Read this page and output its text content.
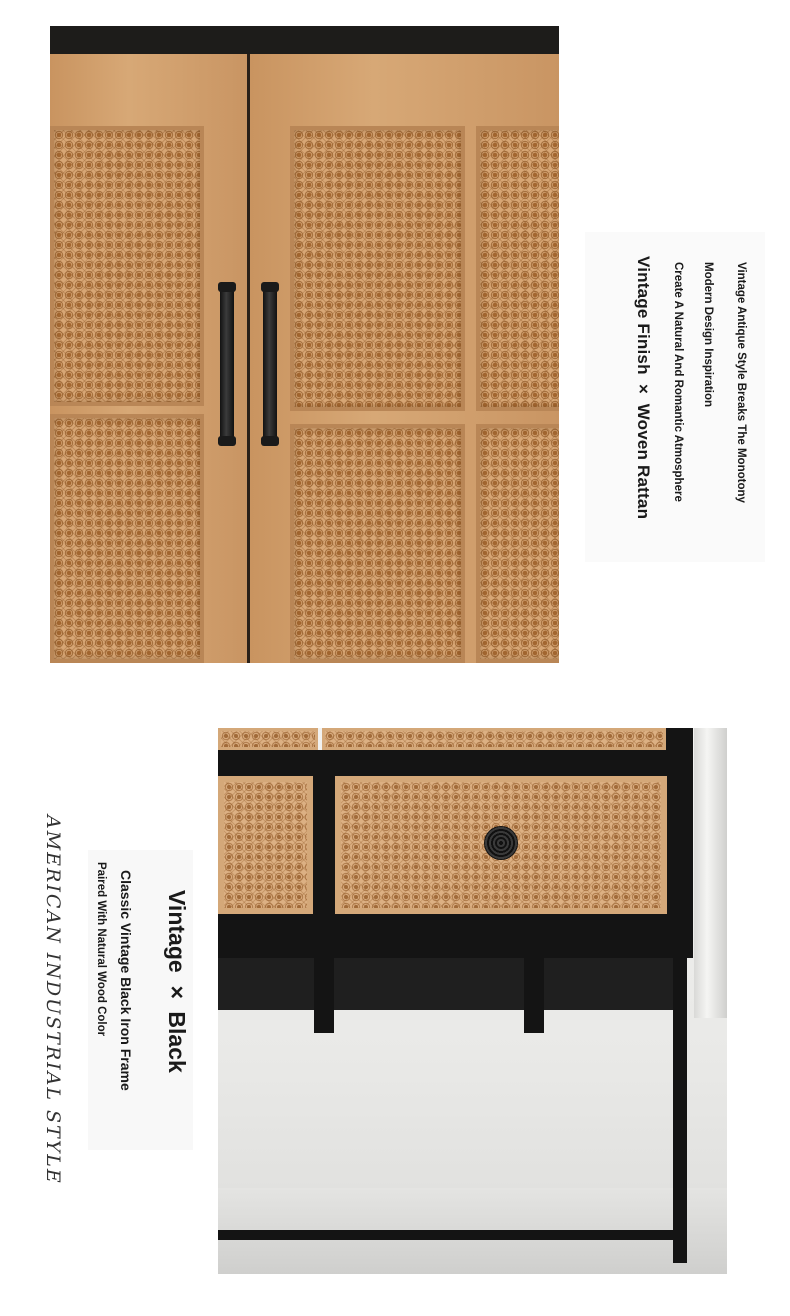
Vintage Finish × Woven Rattan Create A Natural And Romantic Atmosphere Modern Design Inspiration Vintage Antique Style Breaks The Monotony
Vintage × Black
Classic Vintage Black Iron Frame
Paired With Natural Wood Color
AMERICAN INDUSTRIAL STYLE
